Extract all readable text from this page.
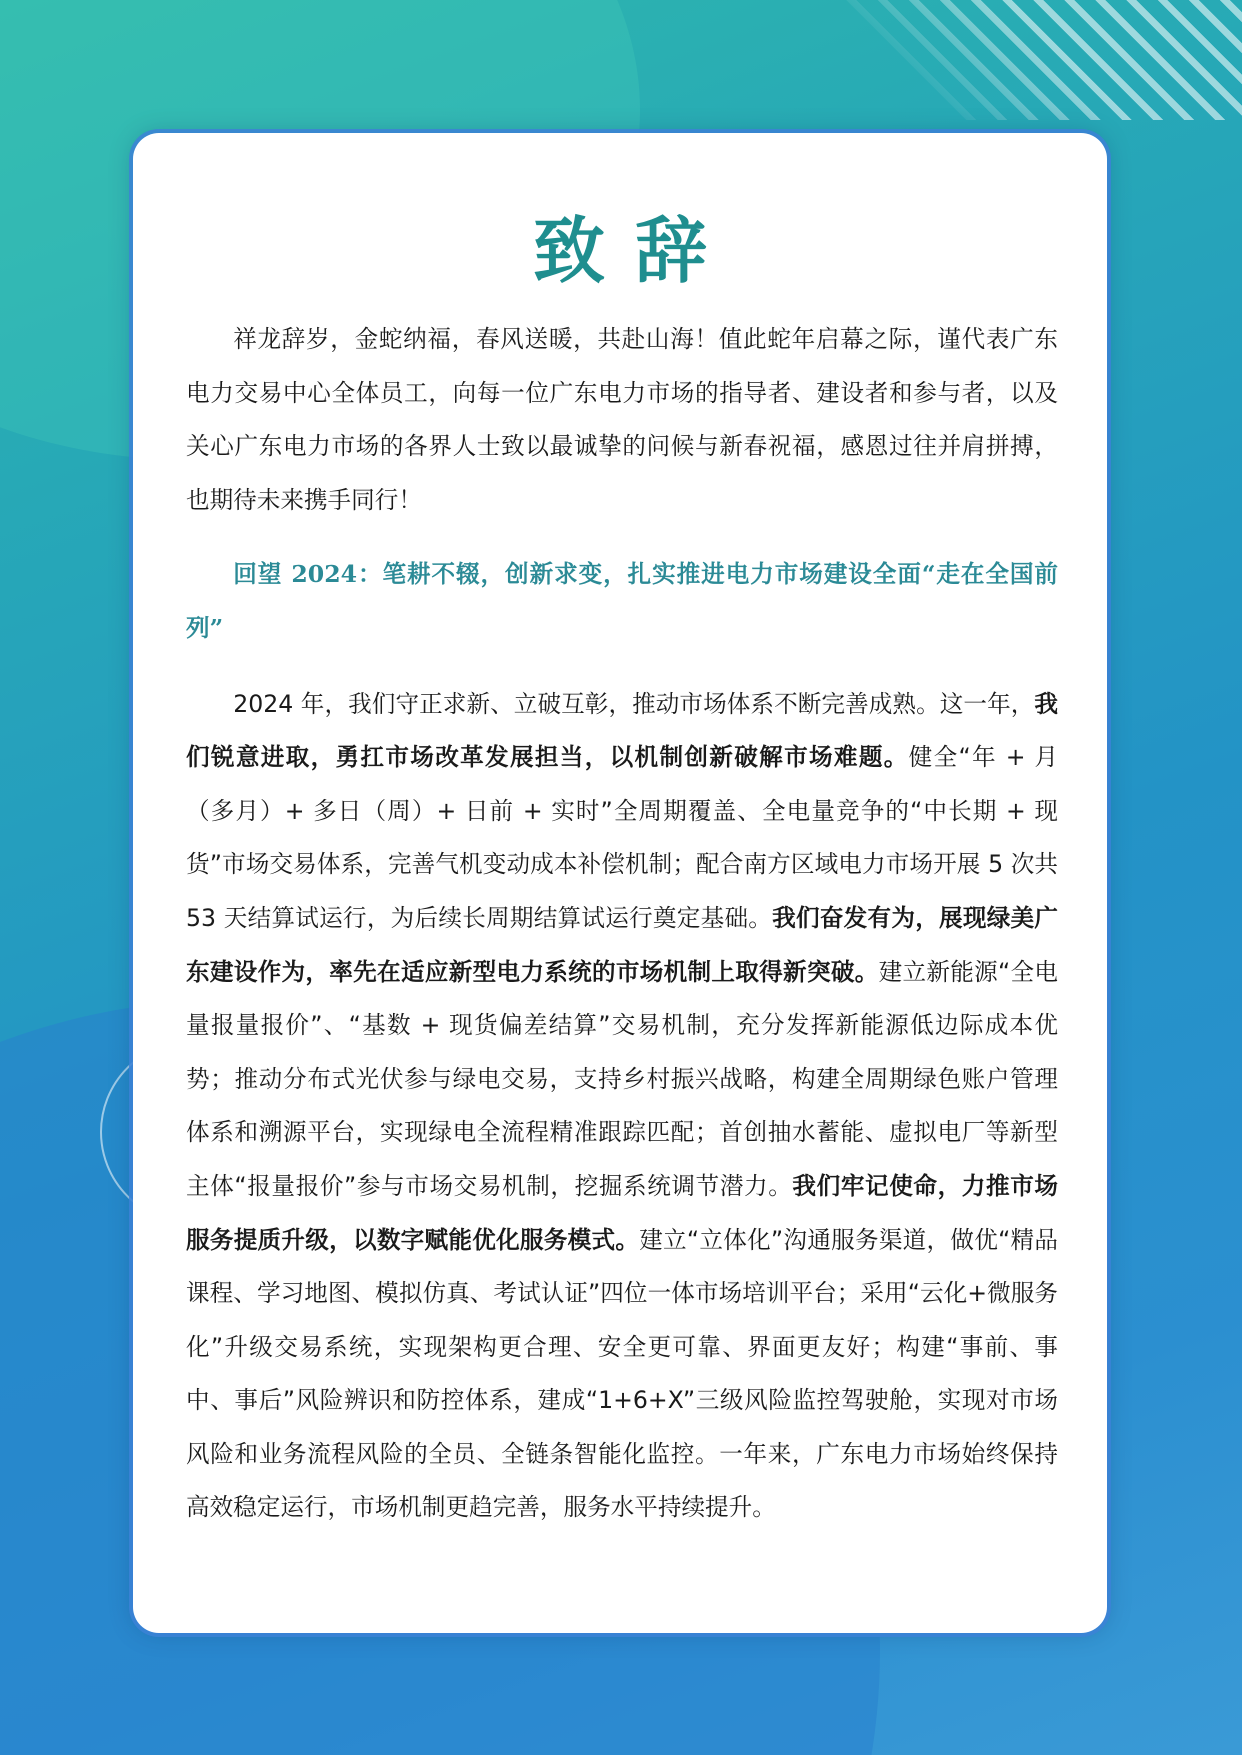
致辞

祥龙辞岁，金蛇纳福，春风送暖，共赴山海！值此蛇年启幕之际，谨代表广东电力交易中心全体员工，向每一位广东电力市场的指导者、建设者和参与者，以及关心广东电力市场的各界人士致以最诚挚的问候与新春祝福，感恩过往并肩拼搏，也期待未来携手同行！

回望 2024：笔耕不辍，创新求变，扎实推进电力市场建设全面“走在全国前列”

2024 年，我们守正求新、立破互彰，推动市场体系不断完善成熟。这一年，我们锐意进取，勇扛市场改革发展担当，以机制创新破解市场难题。健全“年 + 月（多月）+ 多日（周）+ 日前 + 实时”全周期覆盖、全电量竞争的“中长期 + 现货”市场交易体系，完善气机变动成本补偿机制；配合南方区域电力市场开展 5 次共 53 天结算试运行，为后续长周期结算试运行奠定基础。我们奋发有为，展现绿美广东建设作为，率先在适应新型电力系统的市场机制上取得新突破。建立新能源“全电量报量报价”、“基数 + 现货偏差结算”交易机制，充分发挥新能源低边际成本优势；推动分布式光伏参与绿电交易，支持乡村振兴战略，构建全周期绿色账户管理体系和溯源平台，实现绿电全流程精准跟踪匹配；首创抽水蓄能、虚拟电厂等新型主体“报量报价”参与市场交易机制，挖掘系统调节潜力。我们牢记使命，力推市场服务提质升级，以数字赋能优化服务模式。建立“立体化”沟通服务渠道，做优“精品课程、学习地图、模拟仿真、考试认证”四位一体市场培训平台；采用“云化+微服务化”升级交易系统，实现架构更合理、安全更可靠、界面更友好；构建“事前、事中、事后”风险辨识和防控体系，建成“1+6+X”三级风险监控驾驶舱，实现对市场风险和业务流程风险的全员、全链条智能化监控。一年来，广东电力市场始终保持高效稳定运行，市场机制更趋完善，服务水平持续提升。
